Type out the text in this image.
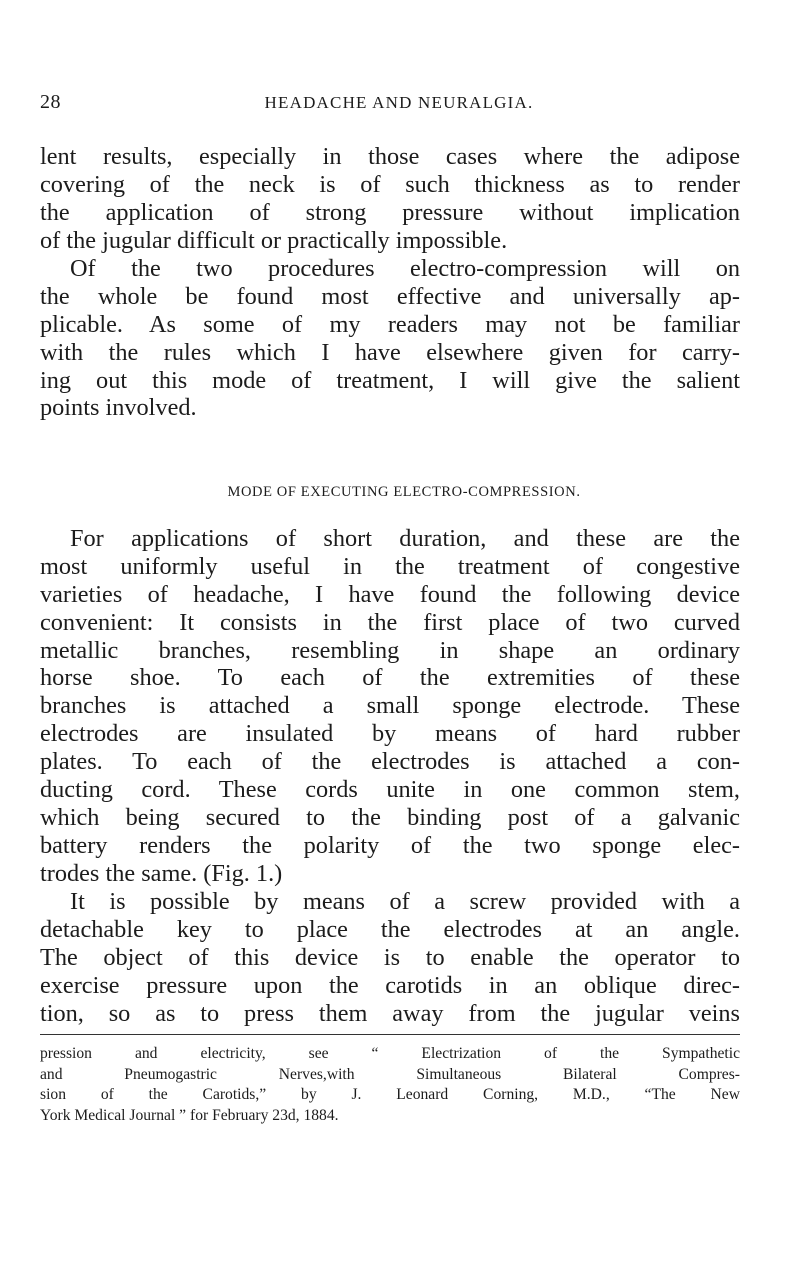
28	HEADACHE AND NEURALGIA.
lent results, especially in those cases where the adipose
covering of the neck is of such thickness as to render
the application of strong pressure without implication
of the jugular difficult or practically impossible.
Of the two procedures electro-compression will on
the whole be found most effective and universally ap-
plicable. As some of my readers may not be familiar
with the rules which I have elsewhere given for carry-
ing out this mode of treatment, I will give the salient
points involved.
MODE OF EXECUTING ELECTRO-COMPRESSION.
For applications of short duration, and these are the
most uniformly useful in the treatment of congestive
varieties of headache, I have found the following device
convenient: It consists in the first place of two curved
metallic branches, resembling in shape an ordinary
horse shoe. To each of the extremities of these
branches is attached a small sponge electrode. These
electrodes are insulated by means of hard rubber
plates. To each of the electrodes is attached a con-
ducting cord. These cords unite in one common stem,
which being secured to the binding post of a galvanic
battery renders the polarity of the two sponge elec-
trodes the same. (Fig. 1.)
It is possible by means of a screw provided with a
detachable key to place the electrodes at an angle.
The object of this device is to enable the operator to
exercise pressure upon the carotids in an oblique direc-
tion, so as to press them away from the jugular veins
pression and electricity, see “ Electrization of the Sympathetic
and Pneumogastric Nerves,with Simultaneous Bilateral Compres-
sion of the Carotids,” by J. Leonard Corning, M.D., “The New
York Medical Journal ” for February 23d, 1884.
